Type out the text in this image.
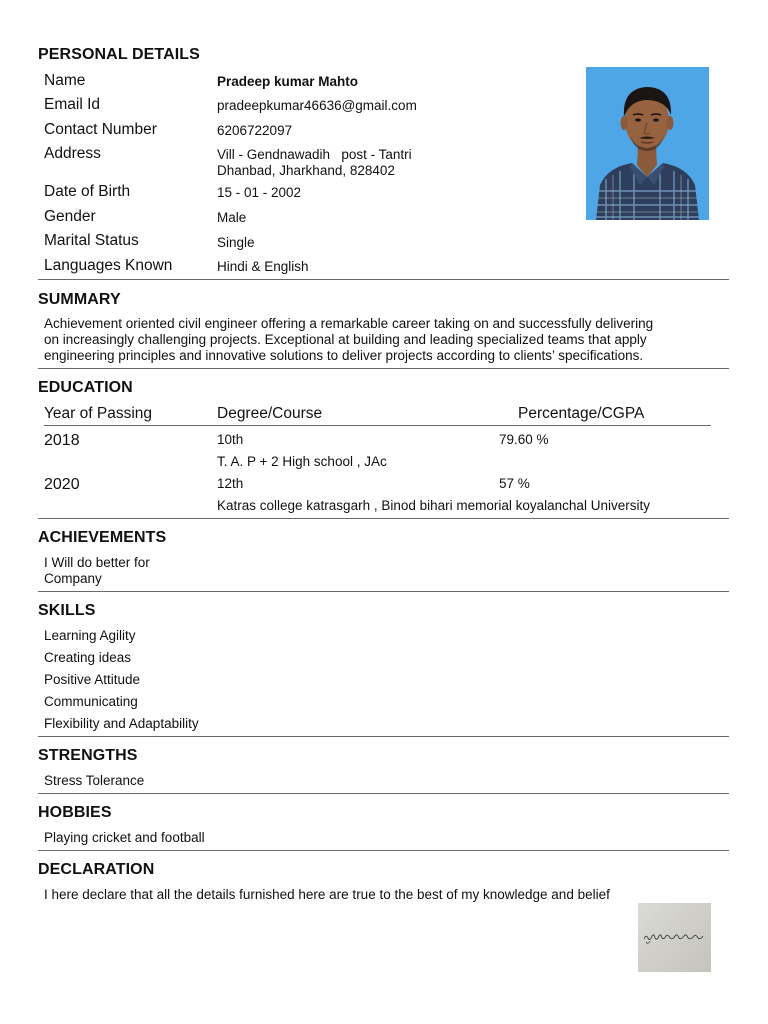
PERSONAL DETAILS
Name	Pradeep kumar Mahto
Email Id	pradeepkumar46636@gmail.com
Contact Number	6206722097
Address	Vill - Gendnawadih   post - Tantri
Dhanbad, Jharkhand, 828402
Date of Birth	15 - 01 - 2002
Gender	Male
Marital Status	Single
Languages Known	Hindi & English
SUMMARY
Achievement oriented civil engineer offering a remarkable career taking on and successfully delivering
on increasingly challenging projects. Exceptional at building and leading specialized teams that apply
engineering principles and innovative solutions to deliver projects according to clients’ specifications.
EDUCATION
Year of Passing	Degree/Course	Percentage/CGPA
2018	10th	79.60 %
T. A. P + 2 High school , JAc
2020	12th	57 %
Katras college katrasgarh , Binod bihari memorial koyalanchal University
ACHIEVEMENTS
I Will do better for
Company
SKILLS
Learning Agility
Creating ideas
Positive Attitude
Communicating
Flexibility and Adaptability
STRENGTHS
Stress Tolerance
HOBBIES
Playing cricket and football
DECLARATION
I here declare that all the details furnished here are true to the best of my knowledge and belief
